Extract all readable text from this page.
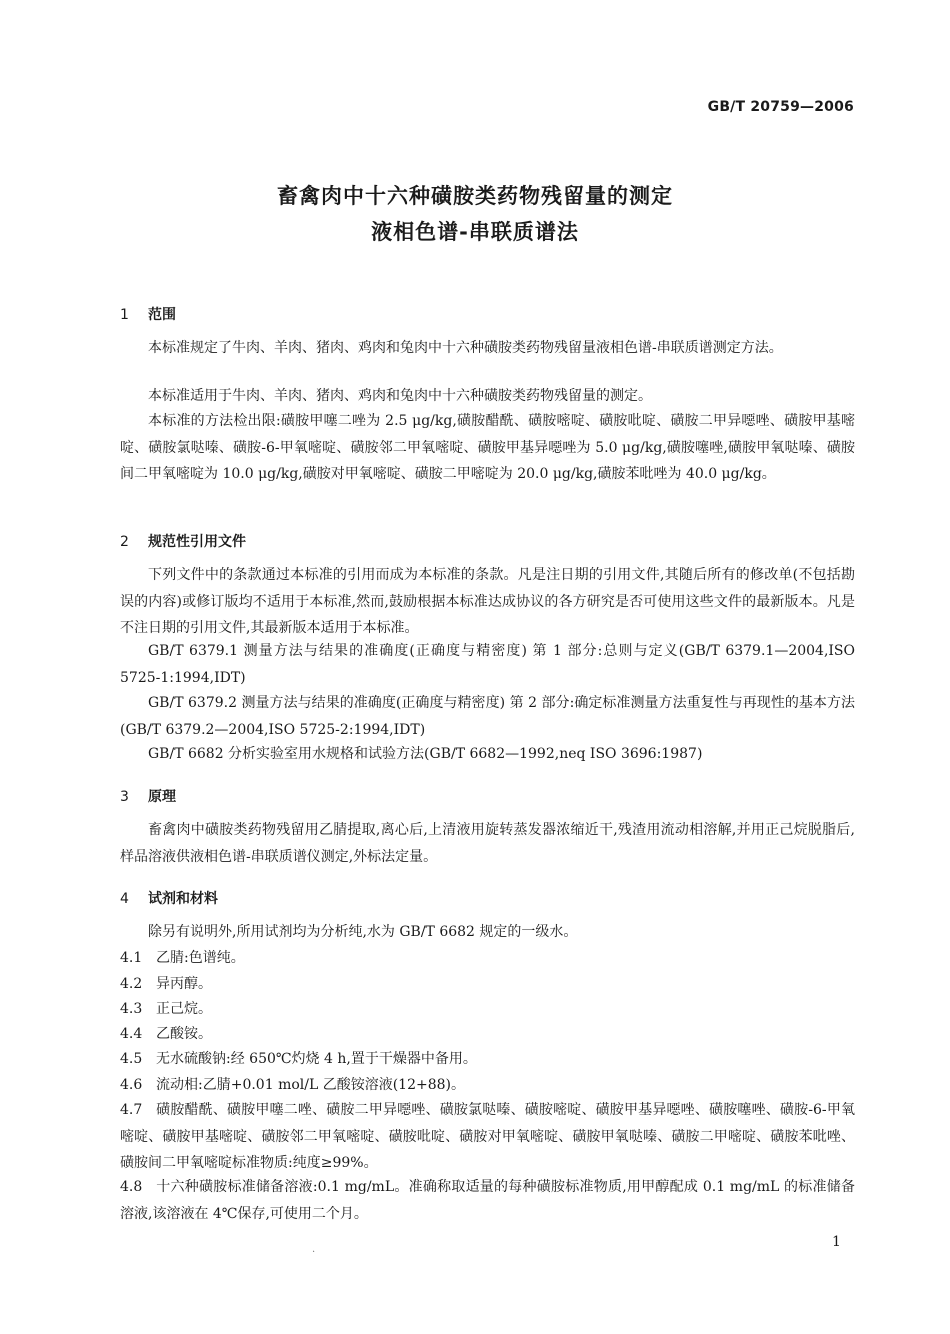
GB/T 20759—2006
畜禽肉中十六种磺胺类药物残留量的测定
液相色谱-串联质谱法
1 范围
本标准规定了牛肉、羊肉、猪肉、鸡肉和兔肉中十六种磺胺类药物残留量液相色谱-串联质谱测定方法。
本标准适用于牛肉、羊肉、猪肉、鸡肉和兔肉中十六种磺胺类药物残留量的测定。
本标准的方法检出限:磺胺甲噻二唑为 2.5 μg/kg,磺胺醋酰、磺胺嘧啶、磺胺吡啶、磺胺二甲异噁唑、磺胺甲基嘧啶、磺胺氯哒嗪、磺胺-6-甲氧嘧啶、磺胺邻二甲氧嘧啶、磺胺甲基异噁唑为 5.0 μg/kg,磺胺噻唑,磺胺甲氧哒嗪、磺胺间二甲氧嘧啶为 10.0 μg/kg,磺胺对甲氧嘧啶、磺胺二甲嘧啶为 20.0 μg/kg,磺胺苯吡唑为 40.0 μg/kg。
2 规范性引用文件
下列文件中的条款通过本标准的引用而成为本标准的条款。凡是注日期的引用文件,其随后所有的修改单(不包括勘误的内容)或修订版均不适用于本标准,然而,鼓励根据本标准达成协议的各方研究是否可使用这些文件的最新版本。凡是不注日期的引用文件,其最新版本适用于本标准。
GB/T 6379.1 测量方法与结果的准确度(正确度与精密度) 第 1 部分:总则与定义(GB/T 6379.1—2004,ISO 5725-1:1994,IDT)
GB/T 6379.2 测量方法与结果的准确度(正确度与精密度) 第 2 部分:确定标准测量方法重复性与再现性的基本方法(GB/T 6379.2—2004,ISO 5725-2:1994,IDT)
GB/T 6682 分析实验室用水规格和试验方法(GB/T 6682—1992,neq ISO 3696:1987)
3 原理
畜禽肉中磺胺类药物残留用乙腈提取,离心后,上清液用旋转蒸发器浓缩近干,残渣用流动相溶解,并用正己烷脱脂后,样品溶液供液相色谱-串联质谱仪测定,外标法定量。
4 试剂和材料
除另有说明外,所用试剂均为分析纯,水为 GB/T 6682 规定的一级水。
4.1 乙腈:色谱纯。
4.2 异丙醇。
4.3 正己烷。
4.4 乙酸铵。
4.5 无水硫酸钠:经 650℃灼烧 4 h,置于干燥器中备用。
4.6 流动相:乙腈+0.01 mol/L 乙酸铵溶液(12+88)。
4.7 磺胺醋酰、磺胺甲噻二唑、磺胺二甲异噁唑、磺胺氯哒嗪、磺胺嘧啶、磺胺甲基异噁唑、磺胺噻唑、磺胺-6-甲氧嘧啶、磺胺甲基嘧啶、磺胺邻二甲氧嘧啶、磺胺吡啶、磺胺对甲氧嘧啶、磺胺甲氧哒嗪、磺胺二甲嘧啶、磺胺苯吡唑、磺胺间二甲氧嘧啶标准物质:纯度≥99%。
4.8 十六种磺胺标准储备溶液:0.1 mg/mL。准确称取适量的每种磺胺标准物质,用甲醇配成 0.1 mg/mL 的标准储备溶液,该溶液在 4℃保存,可使用二个月。
.	1
